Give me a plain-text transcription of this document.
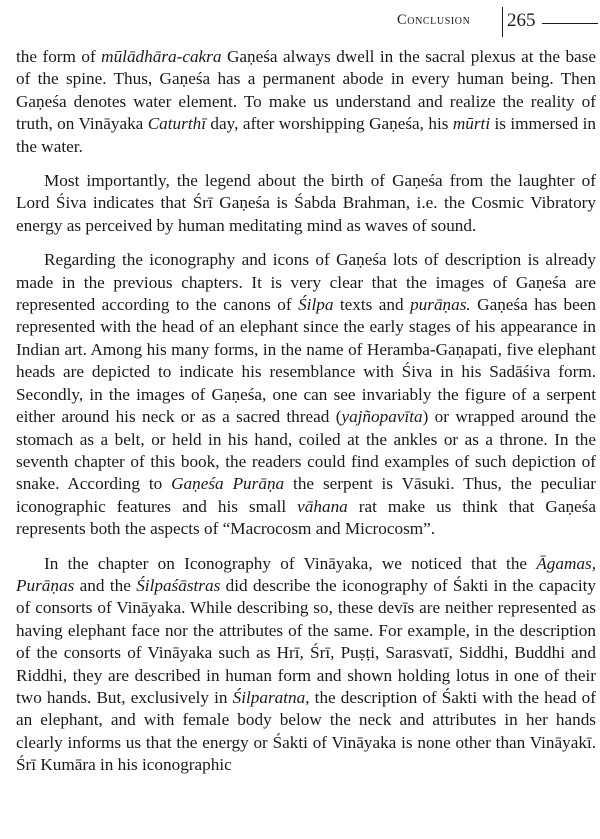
Conclusion 265

the form of mūlādhāra-cakra Gaṇeśa always dwell in the sacral plexus at the base of the spine. Thus, Gaṇeśa has a permanent abode in every human being. Then Gaṇeśa denotes water element. To make us understand and realize the reality of truth, on Vināyaka Caturthī day, after worshipping Gaṇeśa, his mūrti is immersed in the water.

Most importantly, the legend about the birth of Gaṇeśa from the laughter of Lord Śiva indicates that Śrī Gaṇeśa is Śabda Brahman, i.e. the Cosmic Vibratory energy as perceived by human meditating mind as waves of sound.

Regarding the iconography and icons of Gaṇeśa lots of description is already made in the previous chapters. It is very clear that the images of Gaṇeśa are represented according to the canons of Śilpa texts and purāṇas. Gaṇeśa has been represented with the head of an elephant since the early stages of his appearance in Indian art. Among his many forms, in the name of Heramba-Gaṇapati, five elephant heads are depicted to indicate his resemblance with Śiva in his Sadāśiva form. Secondly, in the images of Gaṇeśa, one can see invariably the figure of a serpent either around his neck or as a sacred thread (yajñopavīta) or wrapped around the stomach as a belt, or held in his hand, coiled at the ankles or as a throne. In the seventh chapter of this book, the readers could find examples of such depiction of snake. According to Gaṇeśa Purāṇa the serpent is Vāsuki. Thus, the peculiar iconographic features and his small vāhana rat make us think that Gaṇeśa represents both the aspects of “Macrocosm and Microcosm”.

In the chapter on Iconography of Vināyaka, we noticed that the Āgamas, Purāṇas and the Śilpaśāstras did describe the iconography of Śakti in the capacity of consorts of Vināyaka. While describing so, these devīs are neither represented as having elephant face nor the attributes of the same. For example, in the description of the consorts of Vināyaka such as Hrī, Śrī, Puṣṭi, Sarasvatī, Siddhi, Buddhi and Riddhi, they are described in human form and shown holding lotus in one of their two hands. But, exclusively in Śilparatna, the description of Śakti with the head of an elephant, and with female body below the neck and attributes in her hands clearly informs us that the energy or Śakti of Vināyaka is none other than Vināyakī. Śrī Kumāra in his iconographic
